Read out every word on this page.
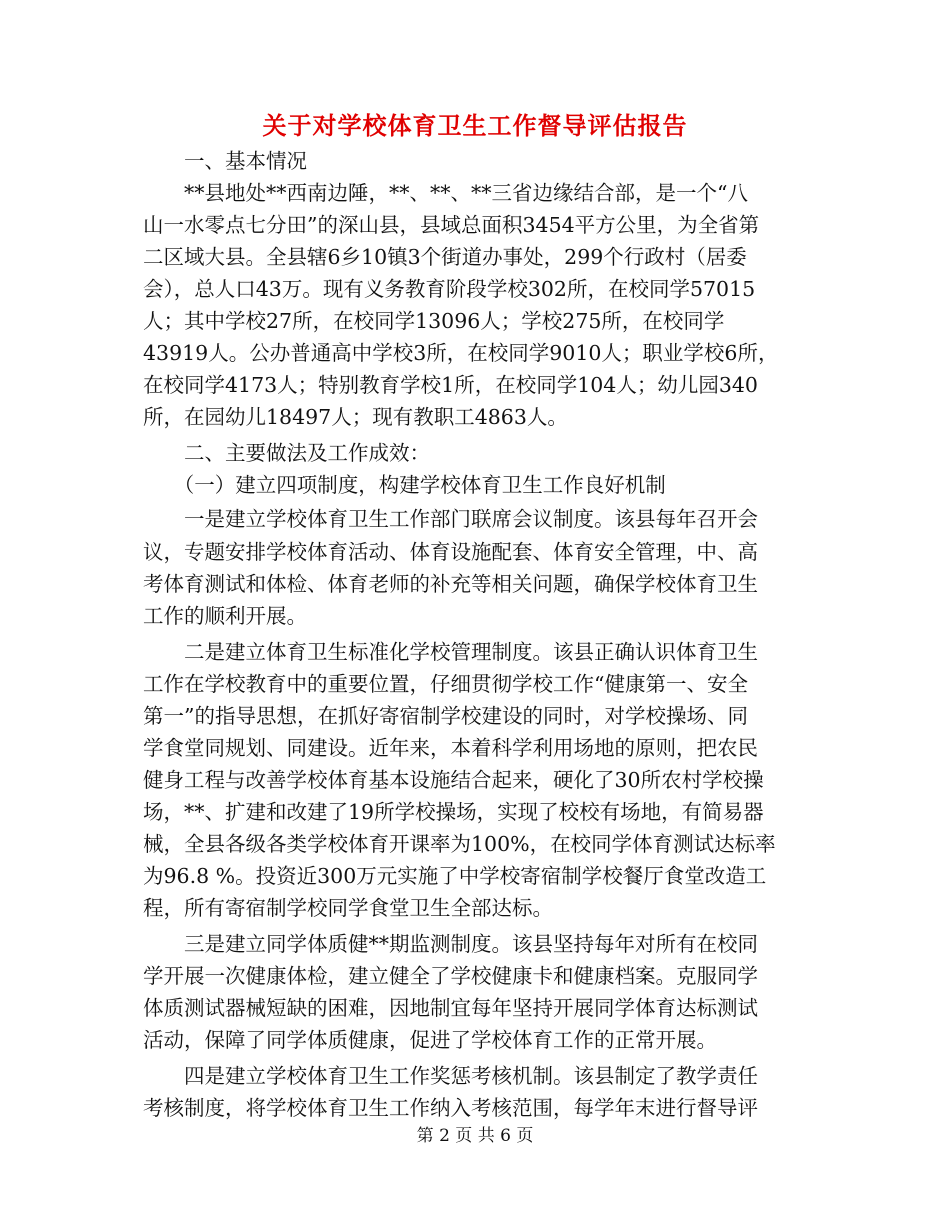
关于对学校体育卫生工作督导评估报告
　　一、基本情况
　　**县地处**西南边陲，**、**、**三省边缘结合部，是一个“八
山一水零点七分田”的深山县，县域总面积3454平方公里，为全省第
二区域大县。全县辖6乡10镇3个街道办事处，299个行政村（居委
会），总人口43万。现有义务教育阶段学校302所，在校同学57015
人；其中学校27所，在校同学13096人；学校275所，在校同学
43919人。公办普通高中学校3所，在校同学9010人；职业学校6所，
在校同学4173人；特别教育学校1所，在校同学104人；幼儿园340
所，在园幼儿18497人；现有教职工4863人。
　　二、主要做法及工作成效：
　　（一）建立四项制度，构建学校体育卫生工作良好机制
　　一是建立学校体育卫生工作部门联席会议制度。该县每年召开会
议，专题安排学校体育活动、体育设施配套、体育安全管理，中、高
考体育测试和体检、体育老师的补充等相关问题，确保学校体育卫生
工作的顺利开展。
　　二是建立体育卫生标准化学校管理制度。该县正确认识体育卫生
工作在学校教育中的重要位置，仔细贯彻学校工作“健康第一、安全
第一”的指导思想，在抓好寄宿制学校建设的同时，对学校操场、同
学食堂同规划、同建设。近年来，本着科学利用场地的原则，把农民
健身工程与改善学校体育基本设施结合起来，硬化了30所农村学校操
场，**、扩建和改建了19所学校操场，实现了校校有场地，有简易器
械，全县各级各类学校体育开课率为100%，在校同学体育测试达标率
为96.8 %。投资近300万元实施了中学校寄宿制学校餐厅食堂改造工
程，所有寄宿制学校同学食堂卫生全部达标。
　　三是建立同学体质健**期监测制度。该县坚持每年对所有在校同
学开展一次健康体检，建立健全了学校健康卡和健康档案。克服同学
体质测试器械短缺的困难，因地制宜每年坚持开展同学体育达标测试
活动，保障了同学体质健康，促进了学校体育工作的正常开展。
　　四是建立学校体育卫生工作奖惩考核机制。该县制定了教学责任
考核制度，将学校体育卫生工作纳入考核范围，每学年末进行督导评
第 2 页 共 6 页
